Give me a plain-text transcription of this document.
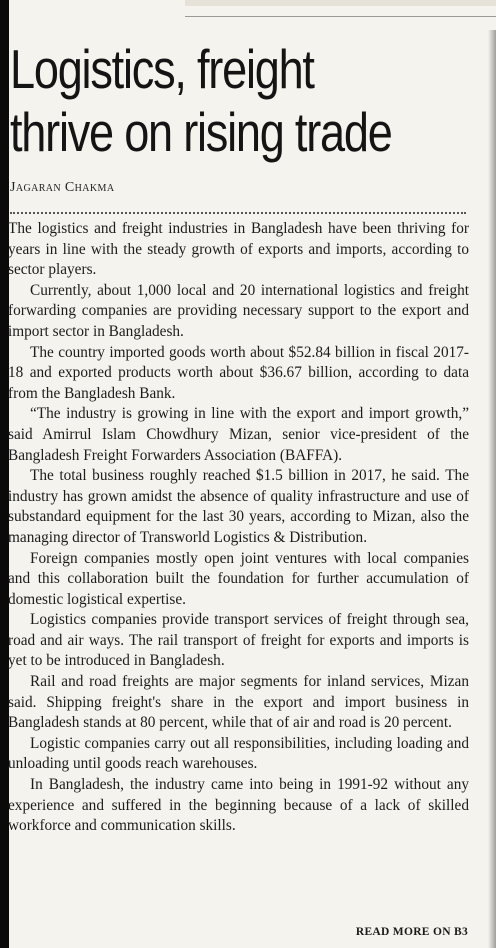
Logistics, freight
thrive on rising trade
Jagaran Chakma

The logistics and freight industries in Bangladesh have been thriving for years in line with the steady growth of exports and imports, according to sector players.

Currently, about 1,000 local and 20 international logistics and freight forwarding companies are providing necessary support to the export and import sector in Bangladesh.

The country imported goods worth about $52.84 billion in fiscal 2017-18 and exported products worth about $36.67 billion, according to data from the Bangladesh Bank.

“The industry is growing in line with the export and import growth,” said Amirrul Islam Chowdhury Mizan, senior vice-president of the Bangladesh Freight Forwarders Association (BAFFA).

The total business roughly reached $1.5 billion in 2017, he said. The industry has grown amidst the absence of quality infrastructure and use of substandard equipment for the last 30 years, according to Mizan, also the managing director of Transworld Logistics & Distribution.

Foreign companies mostly open joint ventures with local companies and this collaboration built the foundation for further accumulation of domestic logistical expertise.

Logistics companies provide transport services of freight through sea, road and air ways. The rail transport of freight for exports and imports is yet to be introduced in Bangladesh.

Rail and road freights are major segments for inland services, Mizan said. Shipping freight's share in the export and import business in Bangladesh stands at 80 percent, while that of air and road is 20 percent.

Logistic companies carry out all responsibilities, including loading and unloading until goods reach warehouses.

In Bangladesh, the industry came into being in 1991-92 without any experience and suffered in the beginning because of a lack of skilled workforce and communication skills.

READ MORE ON B3
